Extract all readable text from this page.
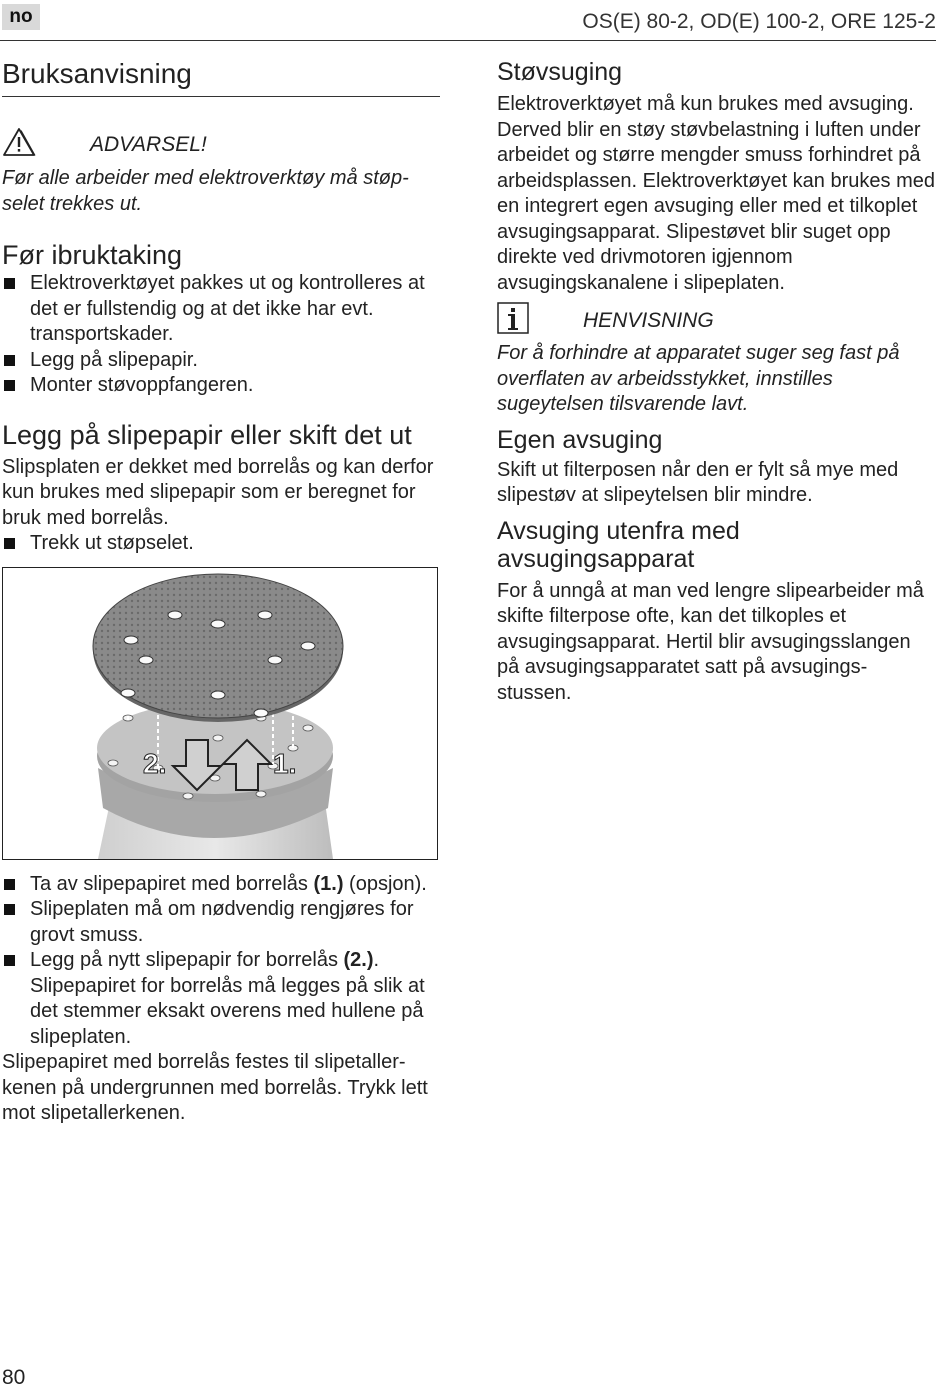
no	OS(E) 80-2, OD(E) 100-2, ORE 125-2
Bruksanvisning
ADVARSEL!

Før alle arbeider med elektroverktøy må støp-selet trekkes ut.

Før ibruktaking
Elektroverktøyet pakkes ut og kontrolleres at det er fullstendig og at det ikke har evt. transportskader.
Legg på slipepapir.
Monter støvoppfangeren.
Legg på slipepapir eller skift det ut

Slipsplaten er dekket med borrelås og kan derfor kun brukes med slipepapir som er beregnet for bruk med borrelås.

Trekk ut støpselet.
2.	1.
Ta av slipepapiret med borrelås (1.) (opsjon).
Slipeplaten må om nødvendig rengjøres for grovt smuss.
Legg på nytt slipepapir for borrelås (2.). Slipepapiret for borrelås må legges på slik at det stemmer eksakt overens med hullene på slipeplaten.

Slipepapiret med borrelås festes til slipetaller-kenen på undergrunnen med borrelås. Trykk lett mot slipetallerkenen.

Støvsuging

Elektroverktøyet må kun brukes med avsuging. Derved blir en støy støvbelastning i luften under arbeidet og større mengder smuss forhindret på arbeidsplassen. Elektroverktøyet kan brukes med en integrert egen avsuging eller med et tilkoplet avsugingsapparat. Slipestøvet blir suget opp direkte ved drivmotoren igjennom avsugingskanalene i slipeplaten.

HENVISNING

For å forhindre at apparatet suger seg fast på overflaten av arbeidsstykket, innstilles sugeytelsen tilsvarende lavt.

Egen avsuging

Skift ut filterposen når den er fylt så mye med slipestøv at slipeytelsen blir mindre.

Avsuging utenfra med avsugingsapparat

For å unngå at man ved lengre slipearbeider må skifte filterpose ofte, kan det tilkoples et avsugingsapparat. Hertil blir avsugingsslangen på avsugingsapparatet satt på avsugings-stussen.

80
